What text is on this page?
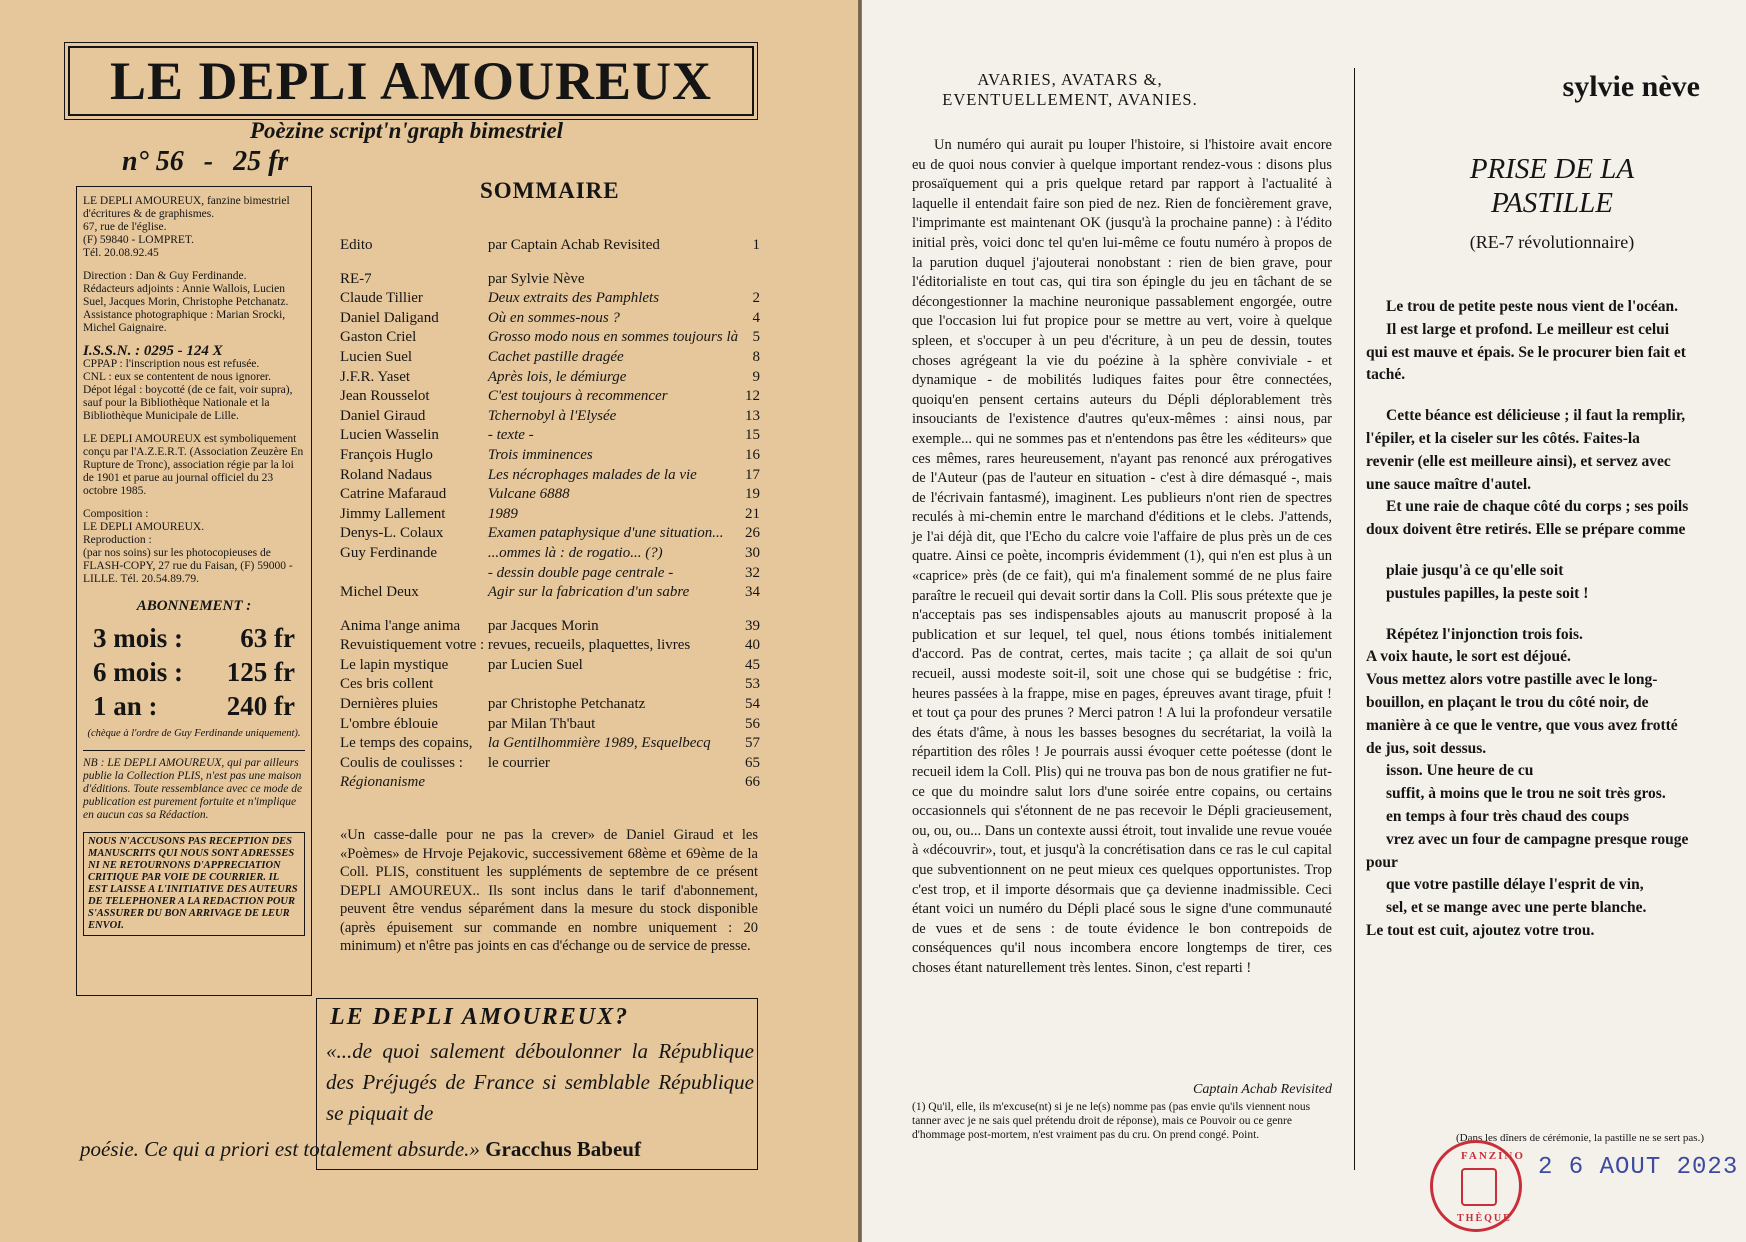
LE DEPLI AMOUREUX
Poèzine script'n'graph bimestriel
n° 56 - 25 fr
SOMMAIRE
LE DEPLI AMOUREUX, fanzine bimestriel d'écritures & de graphismes.
67, rue de l'église.
(F) 59840 - LOMPRET.
Tél. 20.08.92.45
Direction : Dan & Guy Ferdinande.
Rédacteurs adjoints : Annie Wallois, Lucien Suel, Jacques Morin, Christophe Petchanatz.
Assistance photographique : Marian Srocki, Michel Gaignaire.
I.S.S.N. : 0295 - 124 X
CPPAP : l'inscription nous est refusée.
CNL : eux se contentent de nous ignorer.
Dépot légal : boycotté (de ce fait, voir supra), sauf pour la Bibliothèque Nationale et la Bibliothèque Municipale de Lille.
LE DEPLI AMOUREUX est symboliquement conçu par l'A.Z.E.R.T. (Association Zeuzère En Rupture de Tronc), association régie par la loi de 1901 et parue au journal officiel du 23 octobre 1985.
Composition :
LE DEPLI AMOUREUX.
Reproduction :
(par nos soins) sur les photocopieuses de FLASH-COPY, 27 rue du Faisan, (F) 59000 - LILLE. Tél. 20.54.89.79.
ABONNEMENT :
3 mois : 63 fr
6 mois : 125 fr
1 an :	240 fr
(chèque à l'ordre de Guy Ferdinande uniquement).
NB : LE DEPLI AMOUREUX, qui par ailleurs publie la Collection PLIS, n'est pas une maison d'éditions. Toute ressemblance avec ce mode de publication est purement fortuite et n'implique en aucun cas sa Rédaction.
NOUS N'ACCUSONS PAS RECEPTION DES MANUSCRITS QUI NOUS SONT ADRESSES NI NE RETOURNONS D'APPRECIATION CRITIQUE PAR VOIE DE COURRIER. IL EST LAISSE A L'INITIATIVE DES AUTEURS DE TELEPHONER A LA REDACTION POUR S'ASSURER DU BON ARRIVAGE DE LEUR ENVOI.
Edito	par Captain Achab Revisited	1

RE-7	par Sylvie Nève	
Claude Tillier	Deux extraits des Pamphlets	2
Daniel Daligand	Où en sommes-nous ?	4
Gaston Criel	Grosso modo nous en sommes toujours là	5
Lucien Suel	Cachet pastille dragée	8
J.F.R. Yaset	Après lois, le démiurge	9
Jean Rousselot	C'est toujours à recommencer	12
Daniel Giraud	Tchernobyl à l'Elysée	13
Lucien Wasselin	- texte -	15
François Huglo	Trois imminences	16
Roland Nadaus	Les nécrophages malades de la vie	17
Catrine Mafaraud	Vulcane 6888	19
Jimmy Lallement	1989	21
Denys-L. Colaux	Examen pataphysique d'une situation...	26
Guy Ferdinande	...ommes là : de rogatio... (?)	30
	- dessin double page centrale -	32
Michel Deux	Agir sur la fabrication d'un sabre	34

Anima l'ange anima	par Jacques Morin	39
Revuistiquement votre :	revues, recueils, plaquettes, livres	40
Le lapin mystique	par Lucien Suel	45
Ces bris collent		53
Dernières pluies	par Christophe Petchanatz	54
L'ombre éblouie	par Milan Th'baut	56
Le temps des copains,	la Gentilhommière 1989, Esquelbecq	57
Coulis de coulisses :	le courrier	65
Régionanisme		66
«Un casse-dalle pour ne pas la crever» de Daniel Giraud et les «Poèmes» de Hrvoje Pejakovic, successivement 68ème et 69ème de la Coll. PLIS, constituent les suppléments de septembre de ce présent DEPLI AMOUREUX.. Ils sont inclus dans le tarif d'abonnement, peuvent être vendus séparément dans la mesure du stock disponible (après épuisement sur commande en nombre uniquement : 20 minimum) et n'être pas joints en cas d'échange ou de service de presse.
LE DEPLI AMOUREUX?
«...de quoi salement déboulonner la République des Préjugés de France si semblable République se piquait de
poésie. Ce qui a priori est totalement absurde.» Gracchus Babeuf
AVARIES, AVATARS &,
EVENTUELLEMENT, AVANIES.

Un numéro qui aurait pu louper l'histoire, si l'histoire avait encore eu de quoi nous convier à quelque important rendez-vous : disons plus prosaïquement qui a pris quelque retard par rapport à l'actualité à laquelle il entendait faire son pied de nez. Rien de foncièrement grave, l'imprimante est maintenant OK (jusqu'à la prochaine panne) : à l'édito initial près, voici donc tel qu'en lui-même ce foutu numéro à propos de la parution duquel j'ajouterai nonobstant : rien de bien grave, pour l'éditorialiste en tout cas, qui tira son épingle du jeu en tâchant de se décongestionner la machine neuronique passablement engorgée, outre que l'occasion lui fut propice pour se mettre au vert, voire à quelque spleen, et s'occuper à un peu d'écriture, à un peu de dessin, toutes choses agrégeant la vie du poézine à la sphère conviviale - et dynamique - de mobilités ludiques faites pour être connectées, quoiqu'en pensent certains auteurs du Dépli déplorablement très insouciants de l'existence d'autres qu'eux-mêmes : ainsi nous, par exemple... qui ne sommes pas et n'entendons pas être les «éditeurs» que ces mêmes, rares heureusement, n'ayant pas renoncé aux prérogatives de l'Auteur (pas de l'auteur en situation - c'est à dire démasqué -, mais de l'écrivain fantasmé), imaginent. Les publieurs n'ont rien de spectres reculés à mi-chemin entre le marchand d'éditions et le clebs. J'attends, je l'ai déjà dit, que l'Echo du calcre voie l'affaire de plus près un de ces quatre. Ainsi ce poète, incompris évidemment (1), qui n'en est plus à un «caprice» près (de ce fait), qui m'a finalement sommé de ne plus faire paraître le recueil qui devait sortir dans la Coll. Plis sous prétexte que je n'acceptais pas ses indispensables ajouts au manuscrit proposé à la publication et sur lequel, tel quel, nous étions tombés initialement d'accord. Pas de contrat, certes, mais tacite ; ça allait de soi qu'un recueil, aussi modeste soit-il, soit une chose qui se budgétise : fric, heures passées à la frappe, mise en pages, épreuves avant tirage, pfuit ! et tout ça pour des prunes ? Merci patron ! A lui la profondeur versatile des états d'âme, à nous les basses besognes du secrétariat, la voilà la répartition des rôles ! Je pourrais aussi évoquer cette poétesse (dont le recueil idem la Coll. Plis) qui ne trouva pas bon de nous gratifier ne fut-ce que du moindre salut lors d'une soirée entre copains, ou certains occasionnels qui s'étonnent de ne pas recevoir le Dépli gracieusement, ou, ou, ou... Dans un contexte aussi étroit, tout invalide une revue vouée à «découvrir», tout, et jusqu'à la concrétisation dans ce ras le cul capital que subventionnent on ne peut mieux ces quelques opportunistes. Trop c'est trop, et il importe désormais que ça devienne inadmissible. Ceci étant voici un numéro du Dépli placé sous le signe d'une communauté de vues et de sens : de toute évidence le bon contrepoids de conséquences qu'il nous incombera encore longtemps de tirer, ces choses étant naturellement très lentes. Sinon, c'est reparti !

Captain Achab Revisited
(1) Qu'il, elle, ils m'excuse(nt) si je ne le(s) nomme pas (pas envie qu'ils viennent nous tanner avec je ne sais quel prétendu droit de réponse), mais ce Pouvoir ou ce genre d'hommage post-mortem, n'est vraiment pas du cru. On prend congé. Point.
sylvie nève
PRISE DE LA
PASTILLE
(RE-7 révolutionnaire)

Le trou de petite peste nous vient de l'océan.

Il est large et profond. Le meilleur est celui qui est mauve et épais. Se le procurer bien fait et taché.

Cette béance est délicieuse ; il faut la remplir, l'épiler, et la ciseler sur les côtés. Faites-la revenir (elle est meilleure ainsi), et servez avec une sauce maître d'autel.

Et une raie de chaque côté du corps ; ses poils doux doivent être retirés. Elle se prépare comme

plaie jusqu'à ce qu'elle soit

pustules papilles, la peste soit !

Répétez l'injonction trois fois.

A voix haute, le sort est déjoué.

Vous mettez alors votre pastille avec le long-bouillon, en plaçant le trou du côté noir, de manière à ce que le ventre, que vous avez frotté de jus, soit dessus.

isson. Une heure de cu

suffit, à moins que le trou ne soit très gros.

en temps à four très chaud des coups

vrez avec un four de campagne presque rouge pour

que votre pastille délaye l'esprit de vin,

sel, et se mange avec une perte blanche.

Le tout est cuit, ajoutez votre trou.

(Dans les dîners de cérémonie, la pastille ne se sert pas.)
FANZINO
THÈQUE
2 6 AOUT 2023
